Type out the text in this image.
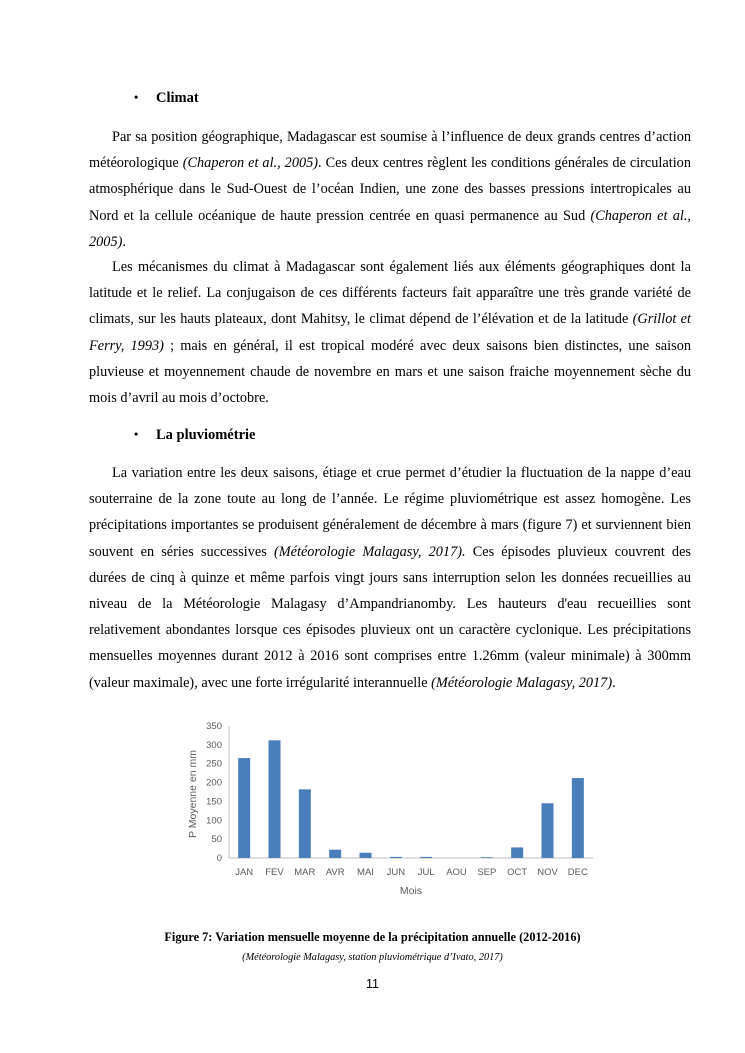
• Climat

Par sa position géographique, Madagascar est soumise à l’influence de deux grands centres d’action météorologique (Chaperon et al., 2005). Ces deux centres règlent les conditions générales de circulation atmosphérique dans le Sud-Ouest de l’océan Indien, une zone des basses pressions intertropicales au Nord et la cellule océanique de haute pression centrée en quasi permanence au Sud (Chaperon et al., 2005).

Les mécanismes du climat à Madagascar sont également liés aux éléments géographiques dont la latitude et le relief. La conjugaison de ces différents facteurs fait apparaître une très grande variété de climats, sur les hauts plateaux, dont Mahitsy, le climat dépend de l’élévation et de la latitude (Grillot et Ferry, 1993) ; mais en général, il est tropical modéré avec deux saisons bien distinctes, une saison pluvieuse et moyennement chaude de novembre en mars et une saison fraiche moyennement sèche du mois d’avril au mois d’octobre.

• La pluviométrie

La variation entre les deux saisons, étiage et crue permet d’étudier la fluctuation de la nappe d’eau souterraine de la zone toute au long de l’année. Le régime pluviométrique est assez homogène. Les précipitations importantes se produisent généralement de décembre à mars (figure 7) et surviennent bien souvent en séries successives (Météorologie Malagasy, 2017). Ces épisodes pluvieux couvrent des durées de cinq à quinze et même parfois vingt jours sans interruption selon les données recueillies au niveau de la Météorologie Malagasy d’Ampandrianomby. Les hauteurs d'eau recueillies sont relativement abondantes lorsque ces épisodes pluvieux ont un caractère cyclonique. Les précipitations mensuelles moyennes durant 2012 à 2016 sont comprises entre 1.26mm (valeur minimale) à 300mm (valeur maximale), avec une forte irrégularité interannuelle (Météorologie Malagasy, 2017).

0
50
100
150
200
250
300
350
JAN FEV MAR AVR MAI JUN JUL AOU SEP OCT NOV DEC
Mois
P Moyenne en mm
Figure 7: Variation mensuelle moyenne de la précipitation annuelle (2012-2016)
(Météorologie Malagasy, station pluviométrique d’Ivato, 2017)
11
